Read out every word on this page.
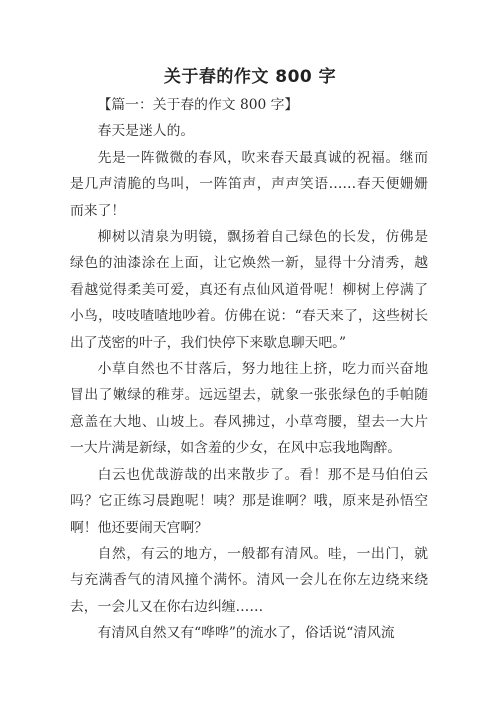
关于春的作文 800 字

【篇一：关于春的作文 800 字】

春天是迷人的。

先是一阵微微的春风，吹来春天最真诚的祝福。继而是几声清脆的鸟叫，一阵笛声，声声笑语……春天便姗姗而来了！

柳树以清泉为明镜，飘扬着自己绿色的长发，仿佛是绿色的油漆涂在上面，让它焕然一新，显得十分清秀，越看越觉得柔美可爱，真还有点仙风道骨呢！柳树上停满了小鸟，吱吱喳喳地吵着。仿佛在说：“春天来了，这些树长出了茂密的叶子，我们快停下来歇息聊天吧。”

小草自然也不甘落后，努力地往上挤，吃力而兴奋地冒出了嫩绿的稚芽。远远望去，就象一张张绿色的手帕随意盖在大地、山坡上。春风拂过，小草弯腰，望去一大片一大片满是新绿，如含羞的少女，在风中忘我地陶醉。

白云也优哉游哉的出来散步了。看！那不是马伯伯云吗？它正练习晨跑呢！咦？那是谁啊？哦，原来是孙悟空啊！他还要闹天宫啊？

自然，有云的地方，一般都有清风。哇，一出门，就与充满香气的清风撞个满怀。清风一会儿在你左边绕来绕去，一会儿又在你右边纠缠……

有清风自然又有“哗哗”的流水了，俗话说“清风流
